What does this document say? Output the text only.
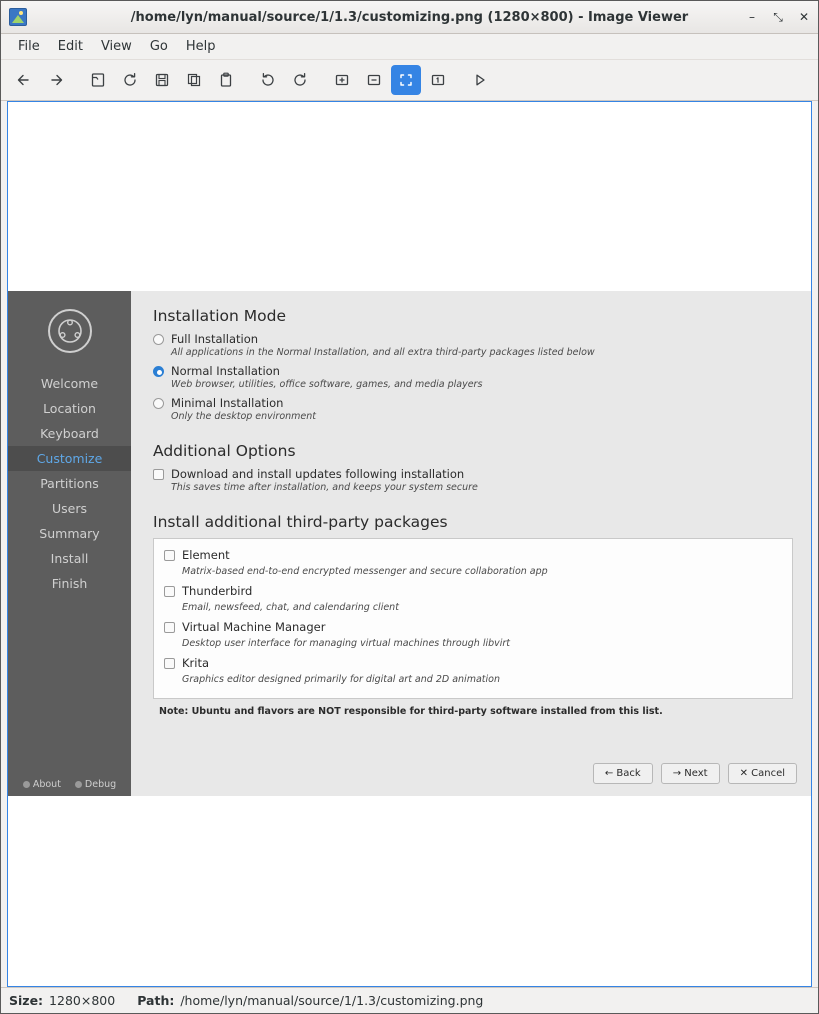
/home/lyn/manual/source/1/1.3/customizing.png (1280×800) - Image Viewer	– ⤡ ✕
File	Edit	View	Go	Help
Welcome
Location
Keyboard
Customize
Partitions
Users
Summary
Install
Finish
About	Debug
Installation Mode
Full Installation
All applications in the Normal Installation, and all extra third-party packages listed below
Normal Installation
Web browser, utilities, office software, games, and media players
Minimal Installation
Only the desktop environment
Additional Options
Download and install updates following installation
This saves time after installation, and keeps your system secure
Install additional third-party packages
Element
Matrix-based end-to-end encrypted messenger and secure collaboration app
Thunderbird
Email, newsfeed, chat, and calendaring client
Virtual Machine Manager
Desktop user interface for managing virtual machines through libvirt
Krita
Graphics editor designed primarily for digital art and 2D animation
Note: Ubuntu and flavors are NOT responsible for third-party software installed from this list.
← Back	→ Next	✕ Cancel
Size: 1280×800 Path: /home/lyn/manual/source/1/1.3/customizing.png
